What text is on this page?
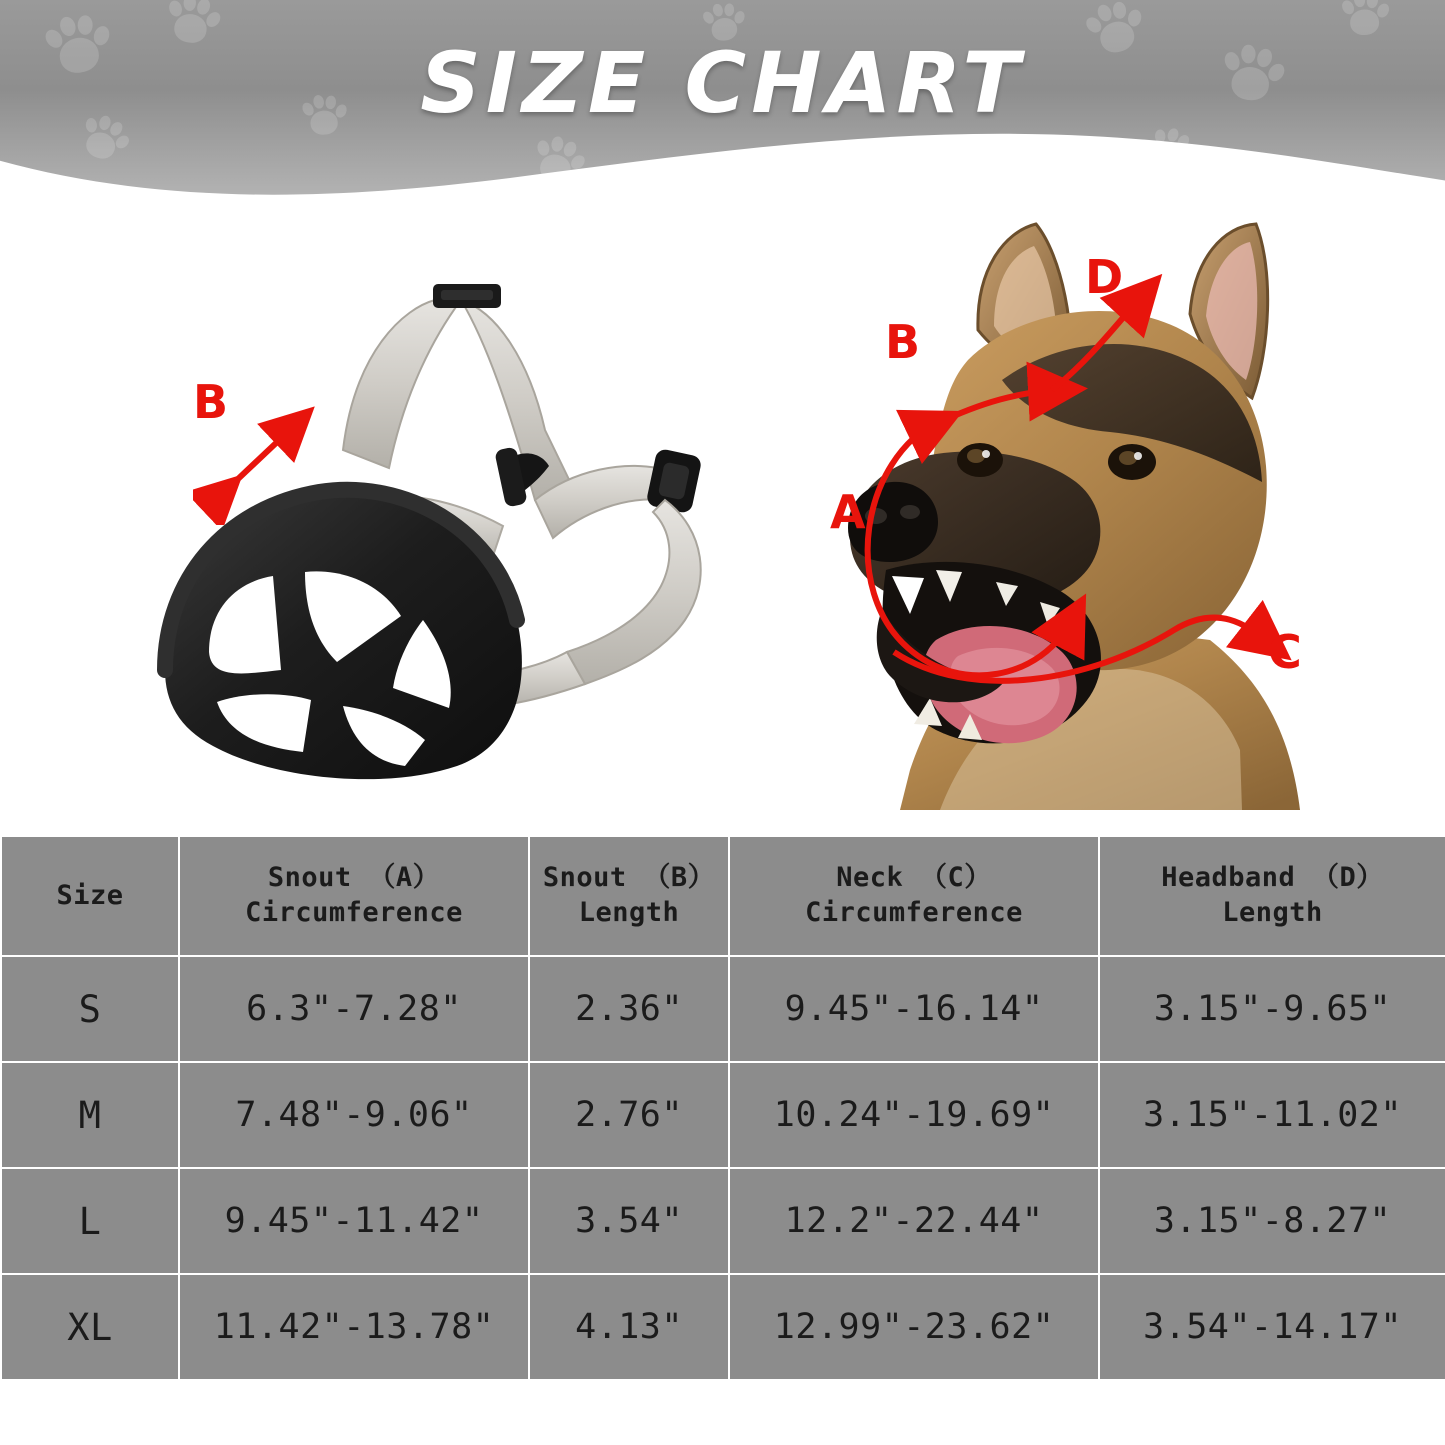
SIZE CHART
B
A
B
C
D
Size

Snout （A）
Circumference

Snout （B）
Length

Neck （C）
Circumference

Headband （D）
Length

S	6.3"-7.28"	2.36"	9.45"-16.14"	3.15"-9.65"
M	7.48"-9.06"	2.76"	10.24"-19.69"	3.15"-11.02"
L	9.45"-11.42"	3.54"	12.2"-22.44"	3.15"-8.27"
XL	11.42"-13.78"	4.13"	12.99"-23.62"	3.54"-14.17"
